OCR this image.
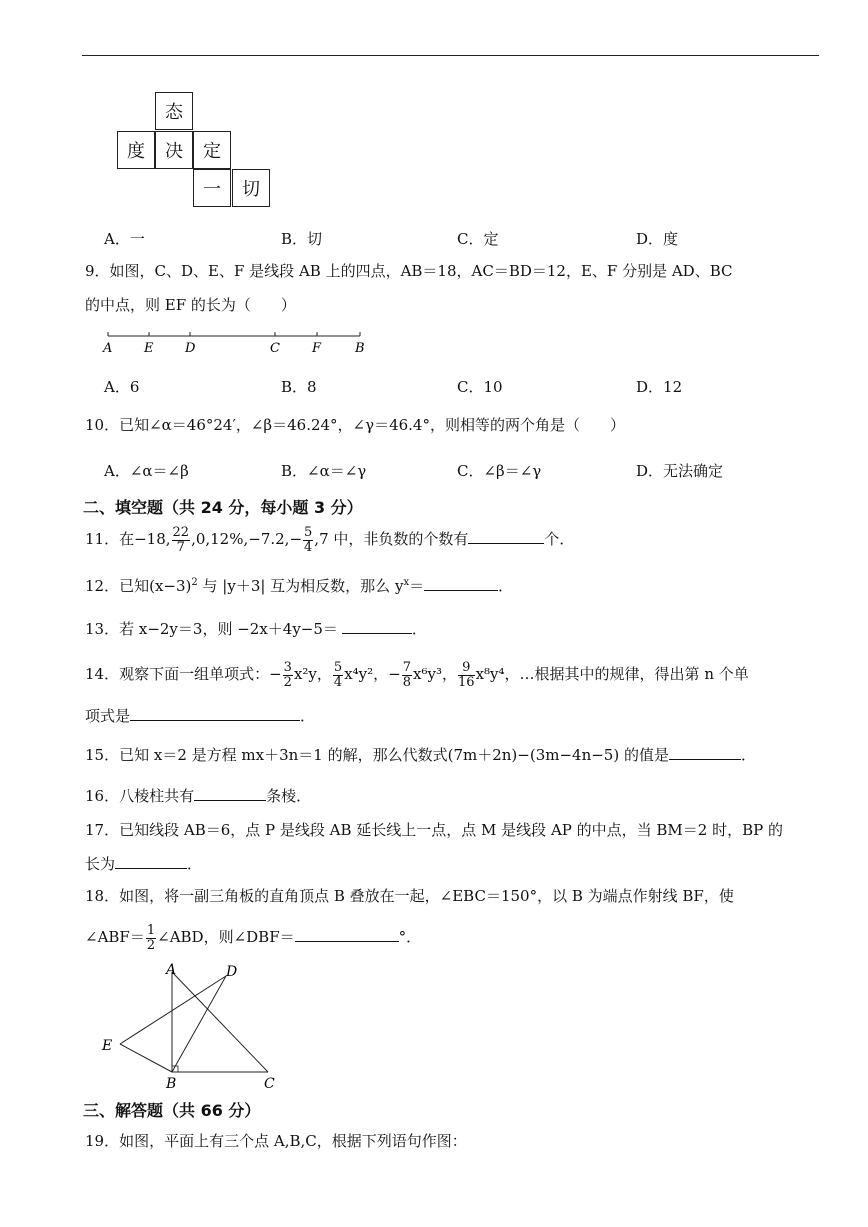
态
度	决	定
一	切
A．一	B．切	C．定	D．度
9．如图，C、D、E、F 是线段 AB 上的四点，AB＝18，AC＝BD＝12，E、F 分别是 AD、BC
的中点，则 EF 的长为（　　）
A E D	C F	B
A．6	B．8	C．10	D．12
10．已知∠α＝46°24′，∠β＝46.24°，∠γ＝46.4°，则相等的两个角是（　　）
A．∠α＝∠β	B．∠α＝∠γ	C．∠β＝∠γ	D．无法确定
二、填空题（共 24 分，每小题 3 分）
11．在−18, $\frac{22}{7} ,0,12\%,-7.2,- \frac{5}{4} ,7$ 中，非负数的个数有	个．
12．已知$(x-3)^2$ 与 |y＋3| 互为相反数，那么 $y^x=$	．
13．若 x−2y＝3，则 −2x＋4y−5＝	．
14．观察下面一组单项式：− $\frac{3}{2} x^2y$， $\frac{5}{4} x^4y^2$，− $\frac{7}{8} x^6y^3$， $\frac{9}{16} x^8y^4$，…根据其中的规律，得出第 n 个单
项式是	．
15．已知 x＝2 是方程 mx＋3n＝1 的解，那么代数式(7m＋2n)−(3m−4n−5) 的值是	．
16．八棱柱共有	条棱．
17．已知线段 AB＝6，点 P 是线段 AB 延长线上一点，点 M 是线段 AP 的中点，当 BM＝2 时，BP 的
长为	．
18．如图，将一副三角板的直角顶点 B 叠放在一起，∠EBC＝150°，以 B 为端点作射线 BF，使
∠ABF＝ $\frac{1}{2}$ ∠ABD，则∠DBF＝	°．
A	D
E
B	C
三、解答题（共 66 分）
19．如图，平面上有三个点 A,B,C，根据下列语句作图：
